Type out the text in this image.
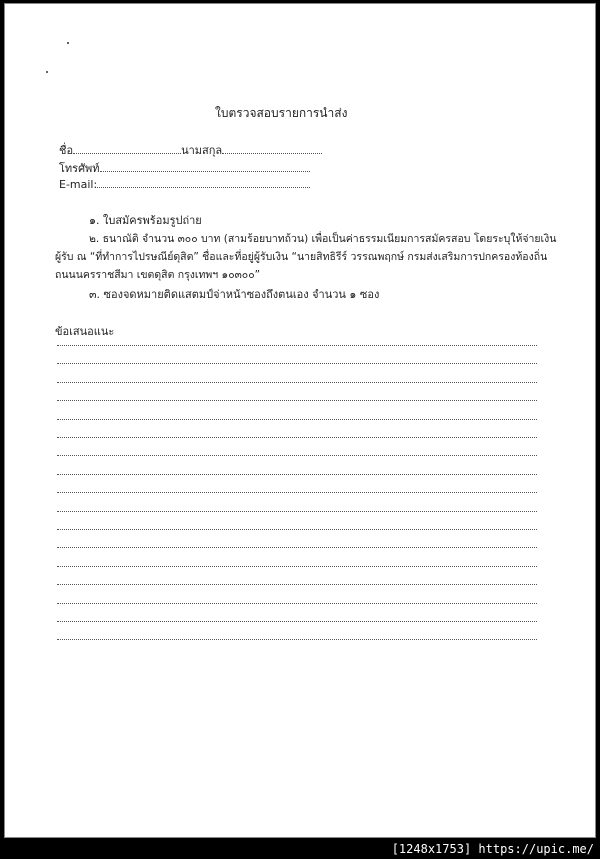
ใบตรวจสอบรายการนำส่ง
ชื่อ	นามสกุล
โทรศัพท์
E-mail:
๑. ใบสมัครพร้อมรูปถ่าย
๒. ธนาณัติ จำนวน ๓๐๐ บาท (สามร้อยบาทถ้วน) เพื่อเป็นค่าธรรมเนียมการสมัครสอบ โดยระบุให้จ่ายเงิน
ผู้รับ ณ “ที่ทำการไปรษณีย์ดุสิต” ชื่อและที่อยู่ผู้รับเงิน “นายสิทธิรีร์ วรรณพฤกษ์ กรมส่งเสริมการปกครองท้องถิ่น
ถนนนครราชสีมา เขตดุสิต กรุงเทพฯ ๑๐๓๐๐”
๓. ซองจดหมายติดแสตมป์จ่าหน้าซองถึงตนเอง จำนวน ๑ ซอง
ข้อเสนอแนะ
[1248x1753] https://upic.me/
